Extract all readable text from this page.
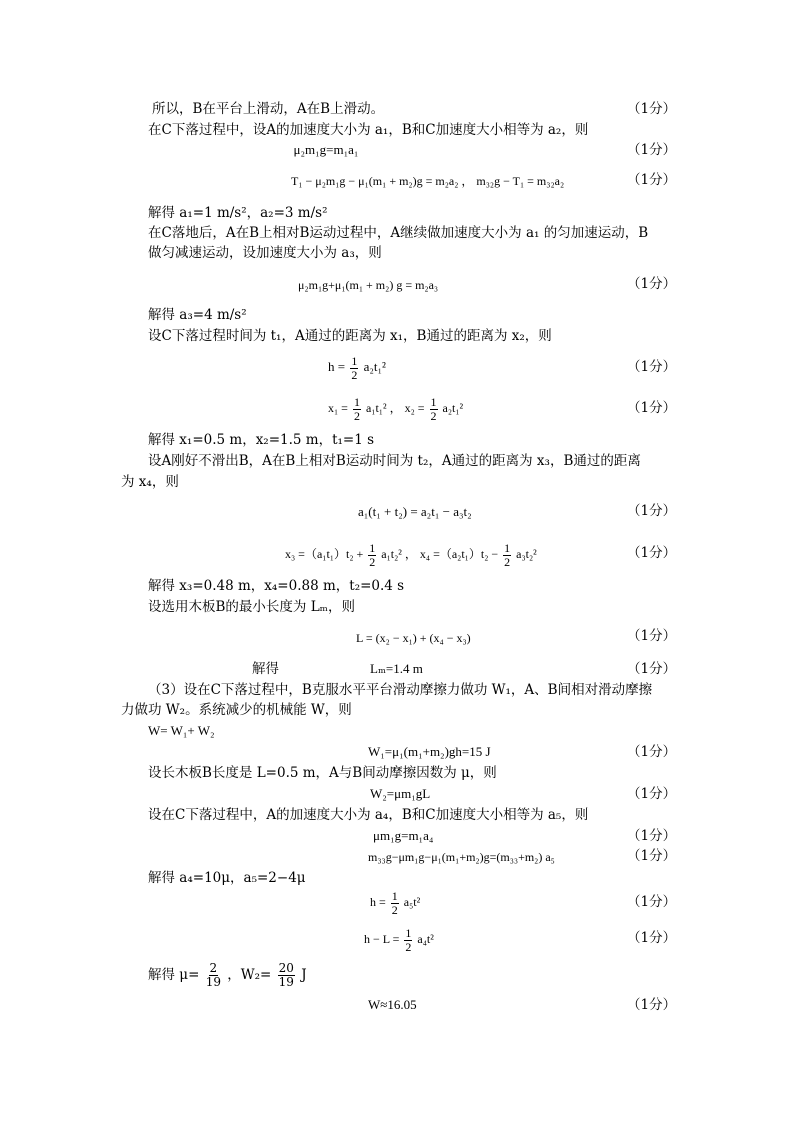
所以，B在平台上滑动，A在B上滑动。	（1分）
在C下落过程中，设A的加速度大小为 a₁，B和C加速度大小相等为 a₂，则
μ₂m₁g=m₁a₁	（1分）
T₁ − μ₂m₁g − μ₁(m₁ + m₂)g = m₂a₂ ， m₃₂g − T₁ = m₃₂a₂	（1分）
解得 a₁=1 m/s²，a₂=3 m/s²
在C落地后，A在B上相对B运动过程中，A继续做加速度大小为 a₁ 的匀加速运动，B
做匀减速运动，设加速度大小为 a₃，则
μ₂m₁g+μ₁(m₁ + m₂) g = m₂a₃	（1分）
解得 a₃=4 m/s²
设C下落过程时间为 t₁，A通过的距离为 x₁，B通过的距离为 x₂，则
$h = \frac{1}{2} a_2t_1^2$	（1分）
$x_1 = \frac{1}{2} a_1t_1^2$ ， $x_2 = \frac{1}{2} a_2t_1^2$	（1分）
解得 x₁=0.5 m，x₂=1.5 m，t₁=1 s
设A刚好不滑出B，A在B上相对B运动时间为 t₂，A通过的距离为 x₃，B通过的距离
为 x₄，则
a₁(t₁ + t₂) = a₂t₁ − a₃t₂	（1分）
$x_3 =(a_1t_1)t_2 + \frac{1}{2} a_1t_2^2$ ， $x_4 =(a_2t_1)t_2 - \frac{1}{2} a_3t_2^2$	（1分）
解得 x₃=0.48 m，x₄=0.88 m，t₂=0.4 s
设选用木板B的最小长度为 Lₘ，则
L = (x₂ − x₁) + (x₄ − x₃)	（1分）
解得	Lₘ=1.4 m	（1分）
（3）设在C下落过程中，B克服水平平台滑动摩擦力做功 W₁，A、B间相对滑动摩擦
力做功 W₂。系统减少的机械能 W，则
W= W₁+ W₂
W₁=μ₁(m₁+m₂)gh=15 J	（1分）
设长木板B长度是 L=0.5 m，A与B间动摩擦因数为 μ，则
W₂=μm₁gL	（1分）
设在C下落过程中，A的加速度大小为 a₄，B和C加速度大小相等为 a₅，则
μm₁g=m₁a₄	（1分）
m₃₃g−μm₁g−μ₁(m₁+m₂)g=(m₃₃+m₂) a₅	（1分）
解得 a₄=10μ，a₅=2−4μ
$h = \frac{1}{2} a_5t^2$	（1分）
$h - L = \frac{1}{2} a_4t^2$	（1分）
解得 $\mu= \frac{2}{19}$ ，$W_2= \frac{20}{19}$ J
W≈16.05	（1分）
